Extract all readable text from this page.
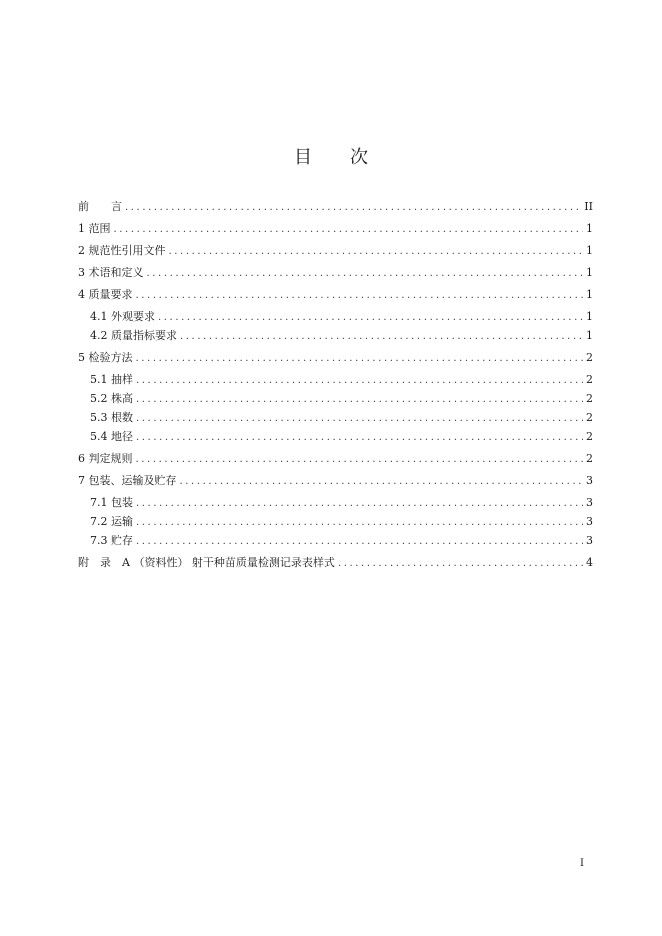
目 次
前　　言 .....	II
1 范围 .....	1
2 规范性引用文件 .....	1
3 术语和定义 .....	1
4 质量要求 .....	1
4.1 外观要求 .....	1
4.2 质量指标要求 .....	1
5 检验方法 .....	2
5.1 抽样 .....	2
5.2 株高 .....	2
5.3 根数 .....	2
5.4 地径 .....	2
6 判定规则 .....	2
7 包装、运输及贮存 .....	3
7.1 包装 .....	3
7.2 运输 .....	3
7.3 贮存 .....	3
附　录　A （资料性） 射干种苗质量检测记录表样式 .....	4
I
